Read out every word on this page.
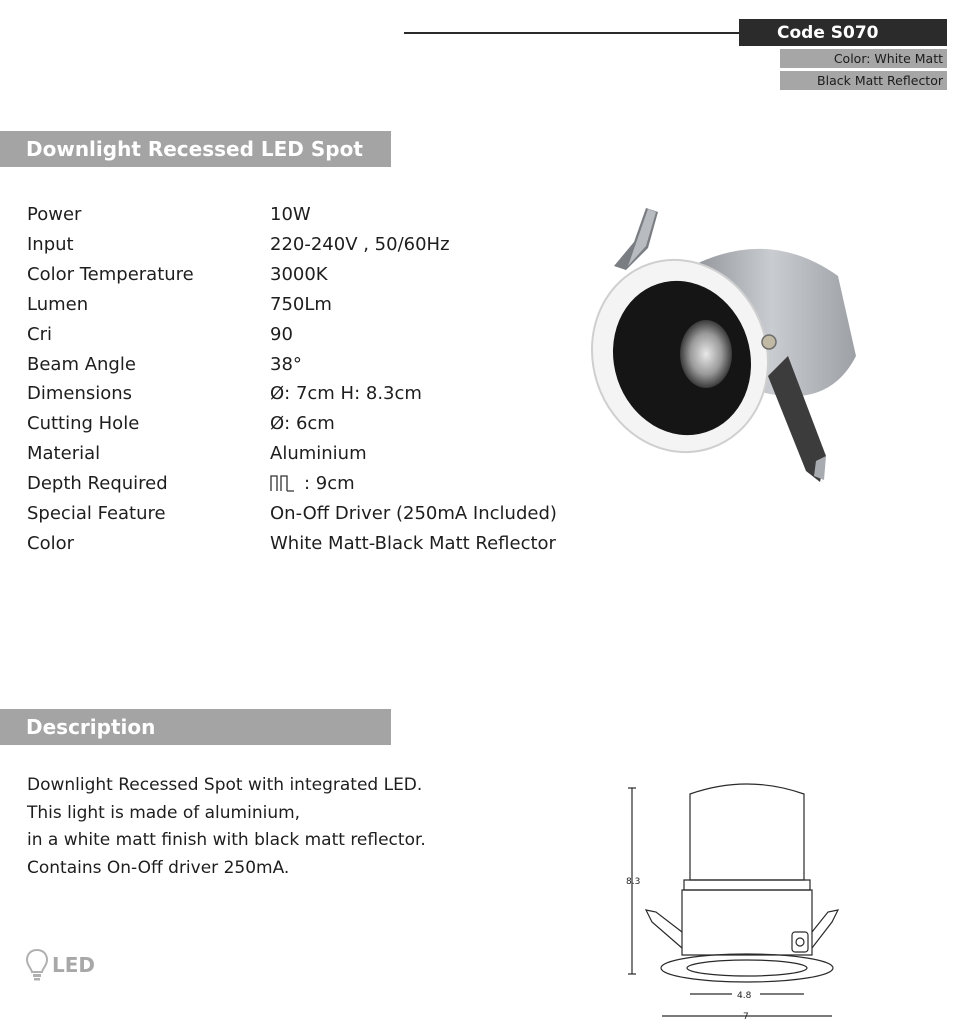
Code S070
Color: White Matt
Black Matt Reflector
Downlight Recessed LED Spot
Power	10W
Input	220-240V , 50/60Hz
Color Temperature	3000K
Lumen	750Lm
Cri	90
Beam Angle	38°
Dimensions	Ø: 7cm H: 8.3cm
Cutting Hole	Ø: 6cm
Material	Aluminium
Depth Required	: 9cm
Special Feature	On-Off Driver (250mA Included)
Color	White Matt-Black Matt Reflector
Description
Downlight Recessed Spot with integrated LED.
This light is made of aluminium,
in a white matt finish with black matt reflector.
Contains On-Off driver 250mA.
LED
8.3
4.8
7
